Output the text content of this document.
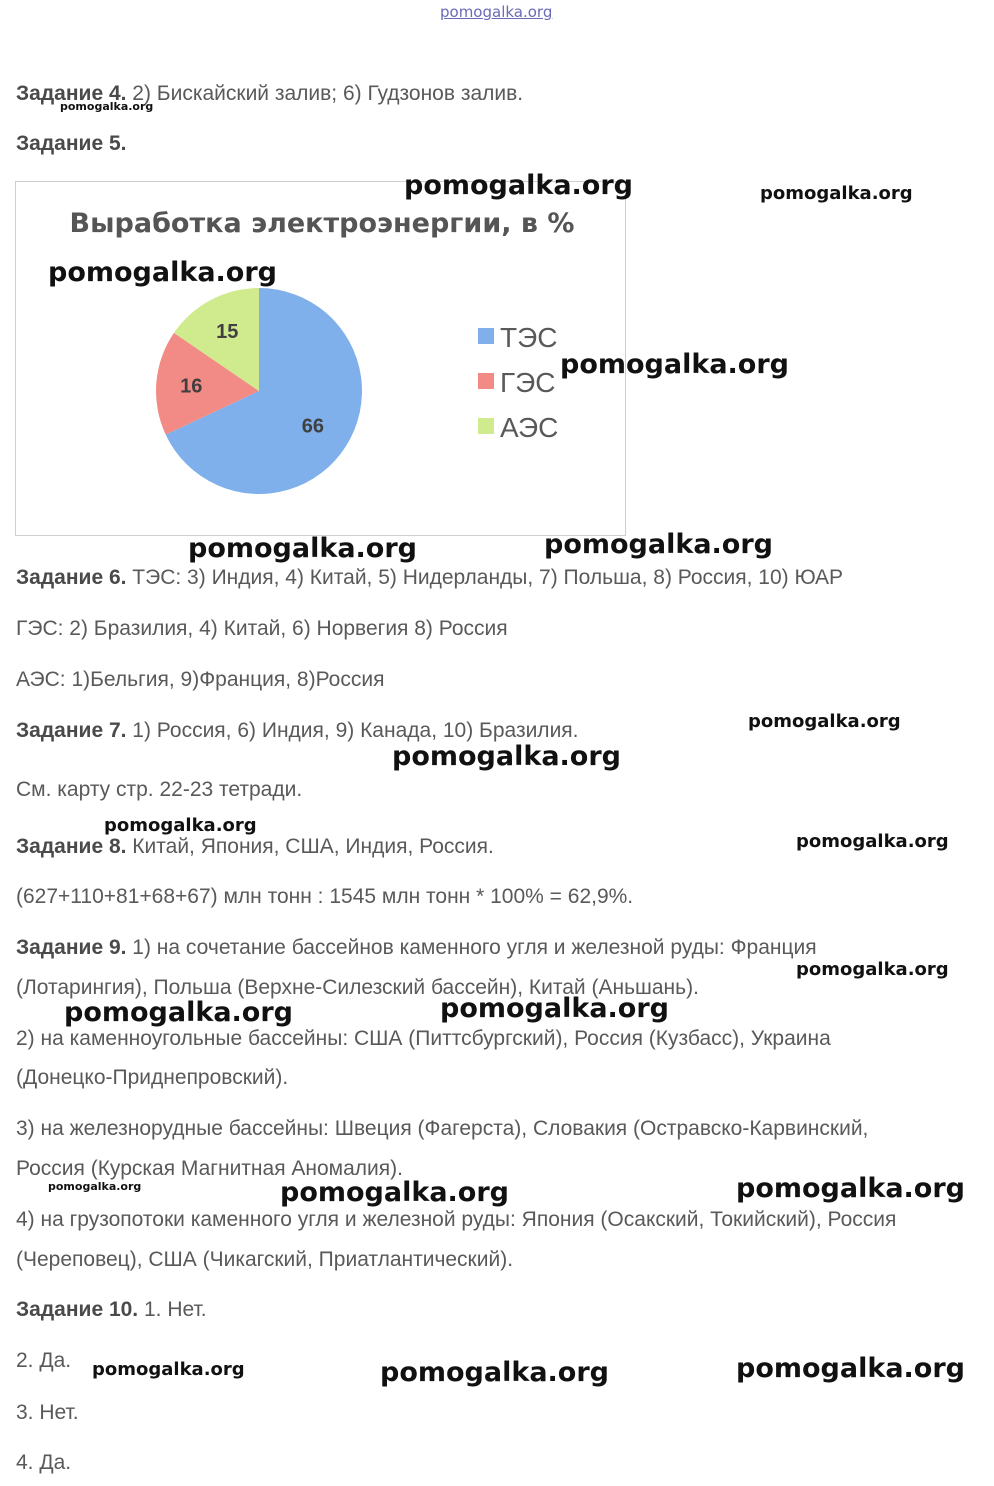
pomogalka.org

Задание 4. 2) Бискайский залив; 6) Гудзонов залив.

Задание 5.

Выработка электроэнергии, в %
66
16
15	ТЭС
ГЭС
АЭС

Задание 6. ТЭС: 3) Индия, 4) Китай, 5) Нидерланды, 7) Польша, 8) Россия, 10) ЮАР

ГЭС: 2) Бразилия, 4) Китай, 6) Норвегия 8) Россия

АЭС: 1)Бельгия, 9)Франция, 8)Россия

Задание 7. 1) Россия, 6) Индия, 9) Канада, 10) Бразилия.

См. карту стр. 22-23 тетради.

Задание 8. Китай, Япония, США, Индия, Россия.

(627+110+81+68+67) млн тонн : 1545 млн тонн * 100% = 62,9%.

Задание 9. 1) на сочетание бассейнов каменного угля и железной руды: Франция

(Лотарингия), Польша (Верхне-Силезский бассейн), Китай (Аньшань).

2) на каменноугольные бассейны: США (Питтсбургский), Россия (Кузбасс), Украина

(Донецко-Приднепровский).

3) на железнорудные бассейны: Швеция (Фагерста), Словакия (Остравско-Карвинский,

Россия (Курская Магнитная Аномалия).

4) на грузопотоки каменного угля и железной руды: Япония (Осакский, Токийский), Россия

(Череповец), США (Чикагский, Приатлантический).

Задание 10. 1. Нет.

2. Да.

3. Нет.

4. Да.

pomogalka.org
pomogalka.org	pomogalka.org
pomogalka.org
pomogalka.org
pomogalka.org	pomogalka.org
pomogalka.org
pomogalka.org
pomogalka.org
pomogalka.org
pomogalka.org
pomogalka.org
pomogalka.org
pomogalka.org	pomogalka.org	pomogalka.org
pomogalka.org	pomogalka.org	pomogalka.org
